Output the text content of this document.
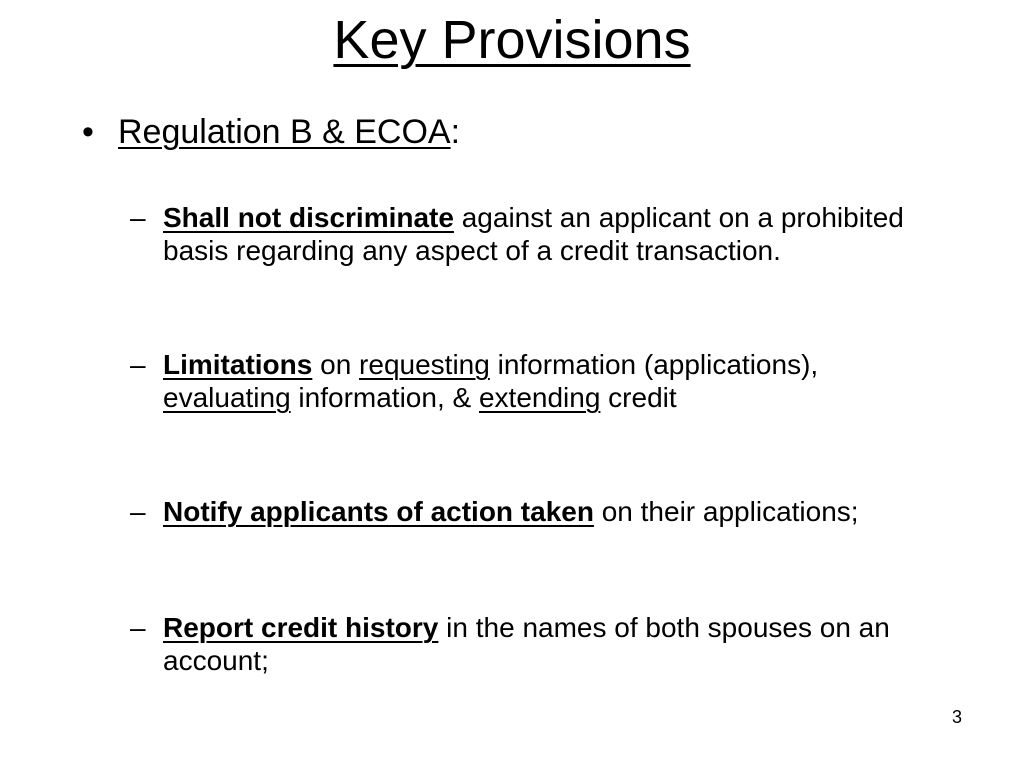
Key Provisions
• Regulation B & ECOA:
– Shall not discriminate against an applicant on a prohibited basis regarding any aspect of a credit transaction.
– Limitations on requesting information (applications), evaluating information, & extending credit
– Notify applicants of action taken on their applications;
– Report credit history in the names of both spouses on an account;
3
